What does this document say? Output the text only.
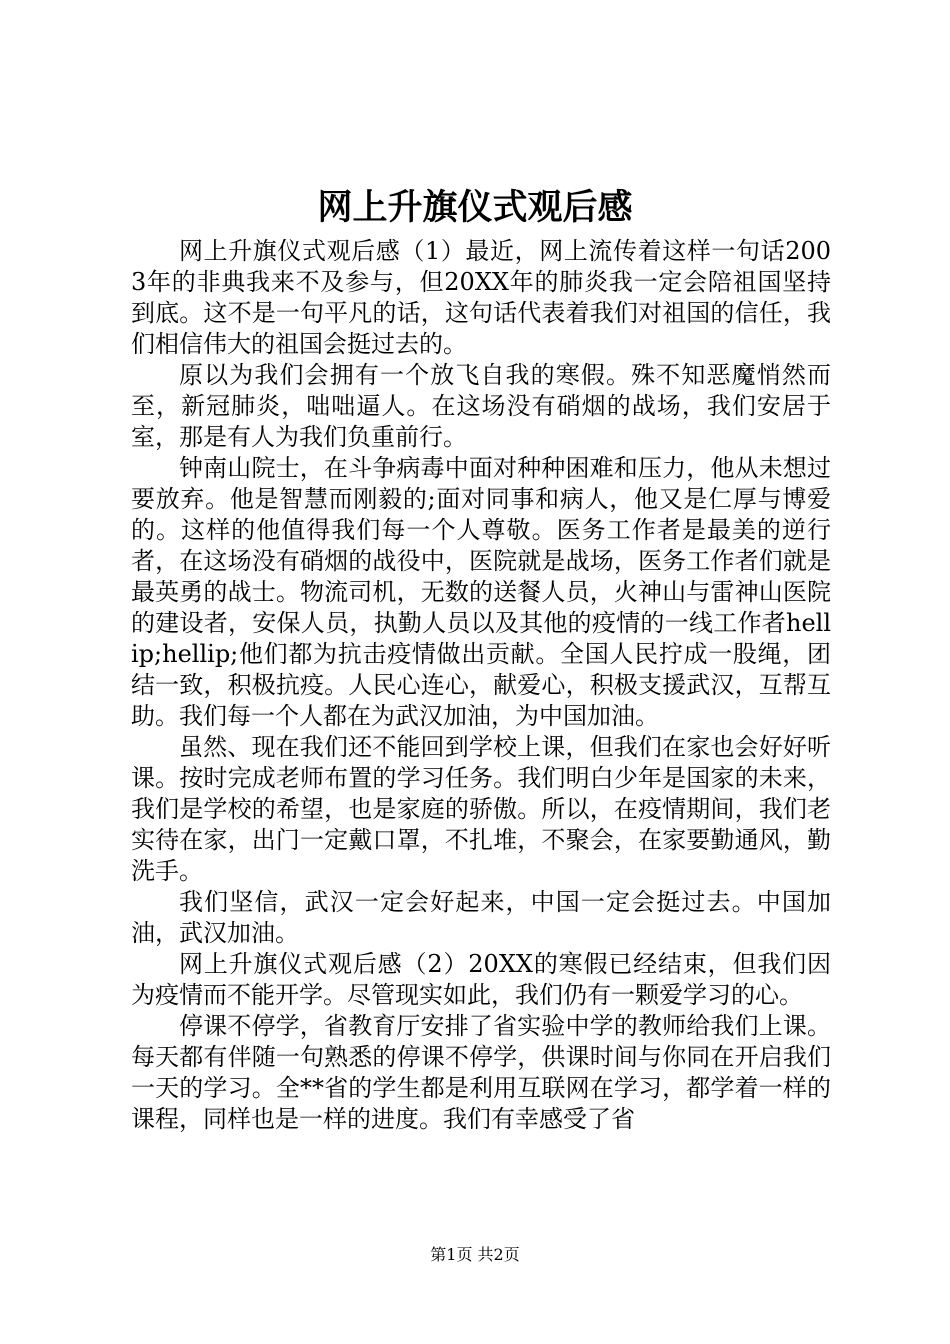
网上升旗仪式观后感

网上升旗仪式观后感（1）最近，网上流传着这样一句话2003年的非典我来不及参与，但20XX年的肺炎我一定会陪祖国坚持到底。这不是一句平凡的话，这句话代表着我们对祖国的信任，我们相信伟大的祖国会挺过去的。

原以为我们会拥有一个放飞自我的寒假。殊不知恶魔悄然而至，新冠肺炎，咄咄逼人。在这场没有硝烟的战场，我们安居于室，那是有人为我们负重前行。

钟南山院士，在斗争病毒中面对种种困难和压力，他从未想过要放弃。他是智慧而刚毅的;面对同事和病人，他又是仁厚与博爱的。这样的他值得我们每一个人尊敬。医务工作者是最美的逆行者，在这场没有硝烟的战役中，医院就是战场，医务工作者们就是最英勇的战士。物流司机，无数的送餐人员，火神山与雷神山医院的建设者，安保人员，执勤人员以及其他的疫情的一线工作者hellip;hellip;他们都为抗击疫情做出贡献。全国人民拧成一股绳，团结一致，积极抗疫。人民心连心，献爱心，积极支援武汉，互帮互助。我们每一个人都在为武汉加油，为中国加油。

虽然、现在我们还不能回到学校上课，但我们在家也会好好听课。按时完成老师布置的学习任务。我们明白少年是国家的未来，我们是学校的希望，也是家庭的骄傲。所以，在疫情期间，我们老实待在家，出门一定戴口罩，不扎堆，不聚会，在家要勤通风，勤洗手。

我们坚信，武汉一定会好起来，中国一定会挺过去。中国加油，武汉加油。

网上升旗仪式观后感（2）20XX的寒假已经结束，但我们因为疫情而不能开学。尽管现实如此，我们仍有一颗爱学习的心。

停课不停学，省教育厅安排了省实验中学的教师给我们上课。每天都有伴随一句熟悉的停课不停学，供课时间与你同在开启我们一天的学习。全**省的学生都是利用互联网在学习，都学着一样的课程，同样也是一样的进度。我们有幸感受了省

第1页 共2页
